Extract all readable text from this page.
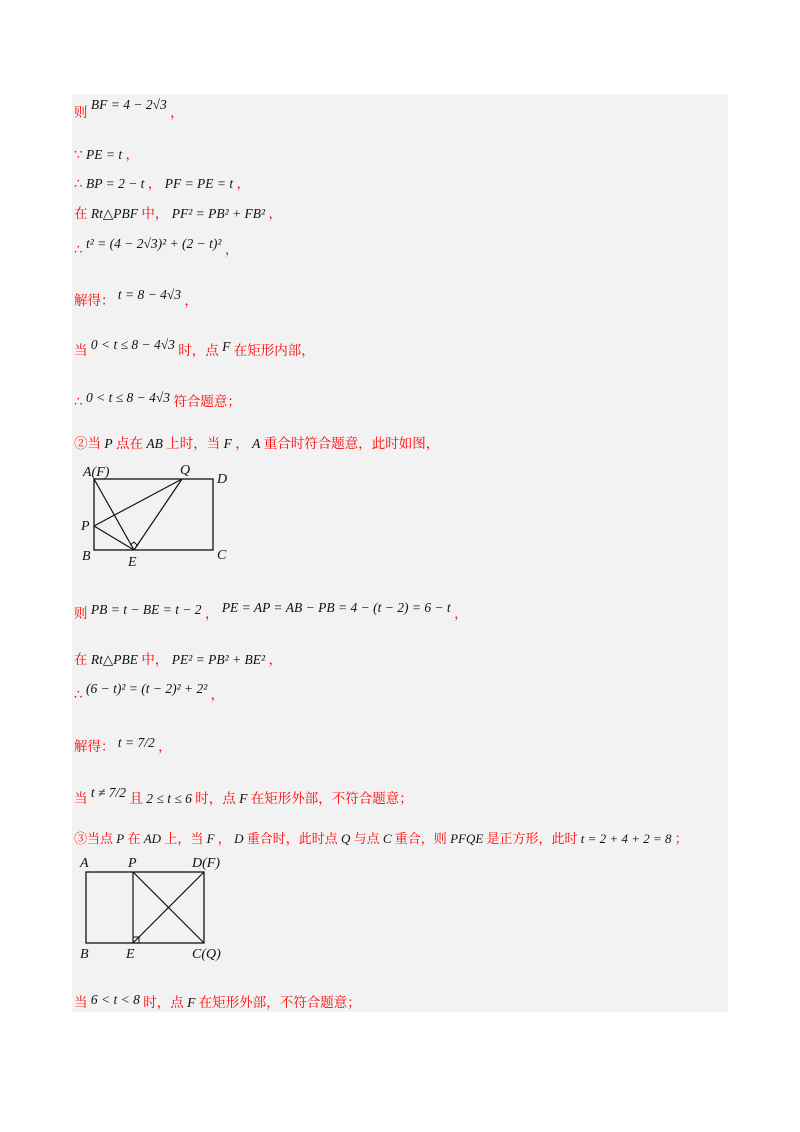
则 BF = 4 − 2√3 ，
∵ PE = t ，
∴ BP = 2 − t ， PF = PE = t ，
在 Rt△PBF 中， PF² = PB² + FB² ，
∴ t² = (4 − 2√3)² + (2 − t)² ，
解得： t = 8 − 4√3 ，
当 0 < t ≤ 8 − 4√3 时，点 F 在矩形内部，
∴ 0 < t ≤ 8 − 4√3 符合题意；
②当 P 点在 AB 上时，当 F ， A 重合时符合题意，此时如图，
A(F)	Q
D
P
B	E	C
则 PB = t − BE = t − 2 ， PE = AP = AB − PB = 4 − (t − 2) = 6 − t ，
在 Rt△PBE 中， PE² = PB² + BE² ，
∴ (6 − t)² = (t − 2)² + 2² ，
解得： t = 7/2 ，
当 t ≠ 7/2 且 2 ≤ t ≤ 6 时，点 F 在矩形外部，不符合题意；
③当点 P 在 AD 上，当 F ， D 重合时，此时点 Q 与点 C 重合，则 PFQE 是正方形，此时 t = 2 + 4 + 2 = 8 ；
A	P	D(F)
B	E	C(Q)
当 6 < t < 8 时，点 F 在矩形外部，不符合题意；
